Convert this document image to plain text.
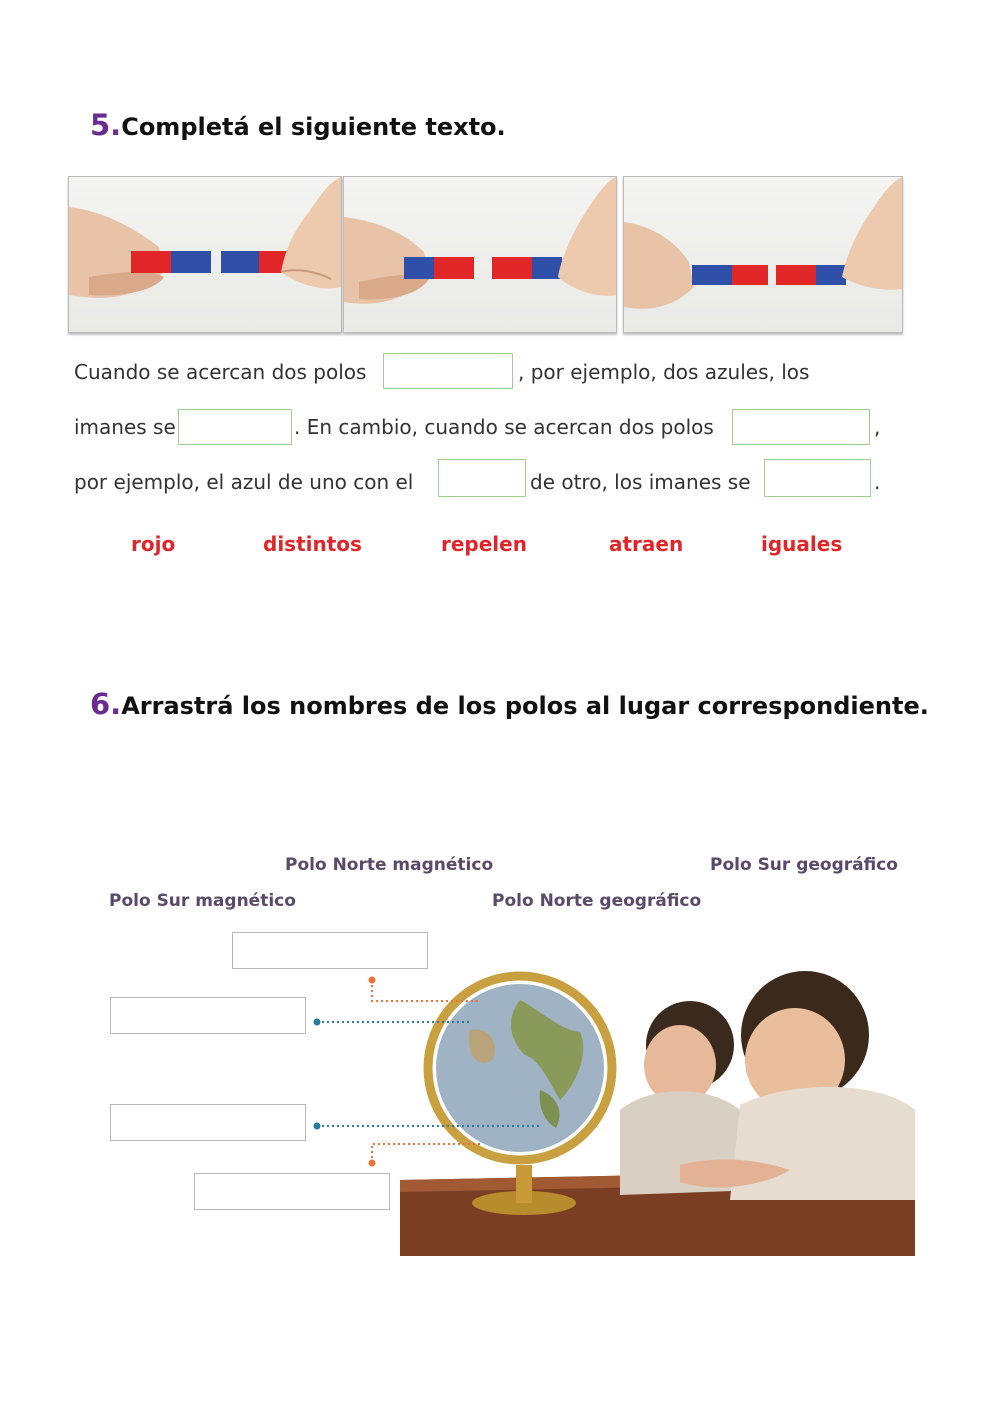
5.Completá el siguiente texto.
Cuando se acercan dos polos	, por ejemplo, dos azules, los
imanes se	. En cambio, cuando se acercan dos polos	,
por ejemplo, el azul de uno con el	de otro, los imanes se	.
rojo	distintos	repelen	atraen	iguales
6.Arrastrá los nombres de los polos al lugar correspondiente.
Polo Norte magnético	Polo Sur geográfico
Polo Sur magnético	Polo Norte geográfico
